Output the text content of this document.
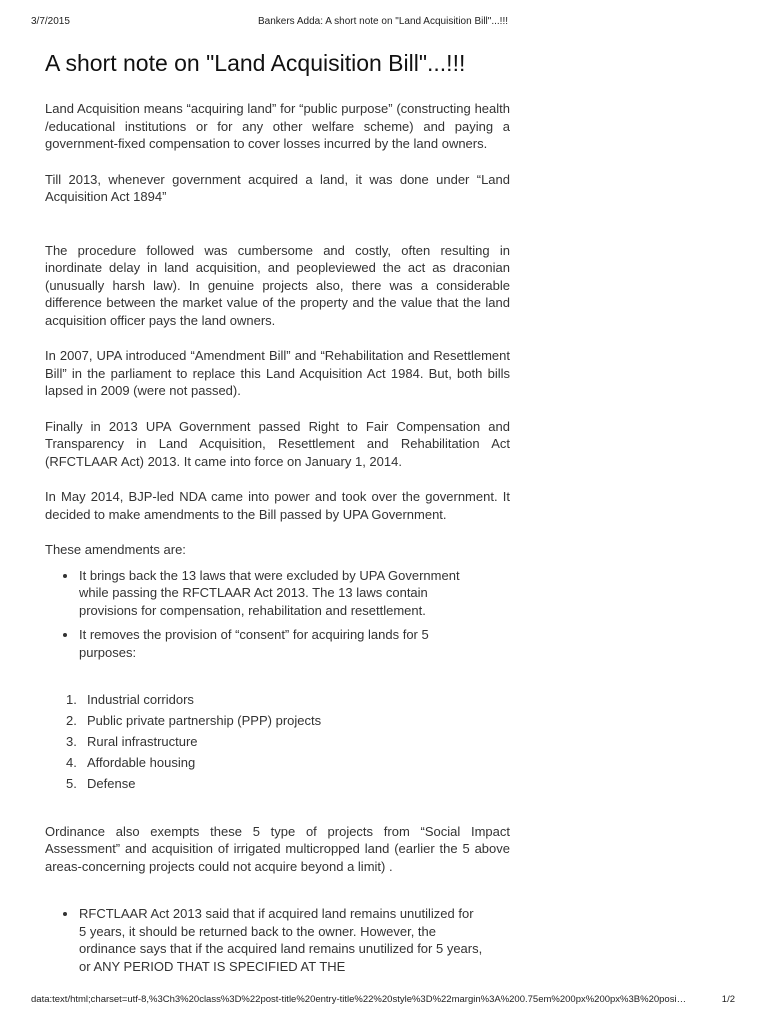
3/7/2015	Bankers Adda: A short note on "Land Acquisition Bill"...!!!
A short note on "Land Acquisition Bill"...!!!

Land Acquisition means “acquiring land” for “public purpose” (constructing health /educational institutions or for any other welfare scheme) and paying a government-fixed compensation to cover losses incurred by the land owners.

Till 2013, whenever government acquired a land, it was done under “Land Acquisition Act 1894”

The procedure followed was cumbersome and costly, often resulting in inordinate delay in land acquisition, and peopleviewed the act as draconian (unusually harsh law). In genuine projects also, there was a considerable difference between the market value of the property and the value that the land acquisition officer pays the land owners.

In 2007, UPA introduced “Amendment Bill” and “Rehabilitation and Resettlement Bill” in the parliament to replace this Land Acquisition Act 1984. But, both bills lapsed in 2009 (were not passed).

Finally in 2013 UPA Government passed Right to Fair Compensation and Transparency in Land Acquisition, Resettlement and Rehabilitation Act (RFCTLAAR Act) 2013. It came into force on January 1, 2014.

In May 2014, BJP-led NDA came into power and took over the government. It decided to make amendments to the Bill passed by UPA Government.

These amendments are:

It brings back the 13 laws that were excluded by UPA Government while passing the RFCTLAAR Act 2013. The 13 laws contain provisions for compensation, rehabilitation and resettlement.
It removes the provision of “consent” for acquiring lands for 5 purposes:
1. Industrial corridors
2. Public private partnership (PPP) projects
3. Rural infrastructure
4. Affordable housing
5. Defense

Ordinance also exempts these 5 type of projects from “Social Impact Assessment” and acquisition of irrigated multicropped land (earlier the 5 above areas-concerning projects could not acquire beyond a limit) .

RFCTLAAR Act 2013 said that if acquired land remains unutilized for 5 years, it should be returned back to the owner. However, the ordinance says that if the acquired land remains unutilized for 5 years, or ANY PERIOD THAT IS SPECIFIED AT THE
data:text/html;charset=utf-8,%3Ch3%20class%3D%22post-title%20entry-title%22%20style%3D%22margin%3A%200.75em%200px%200px%3B%20posi…	1/2
